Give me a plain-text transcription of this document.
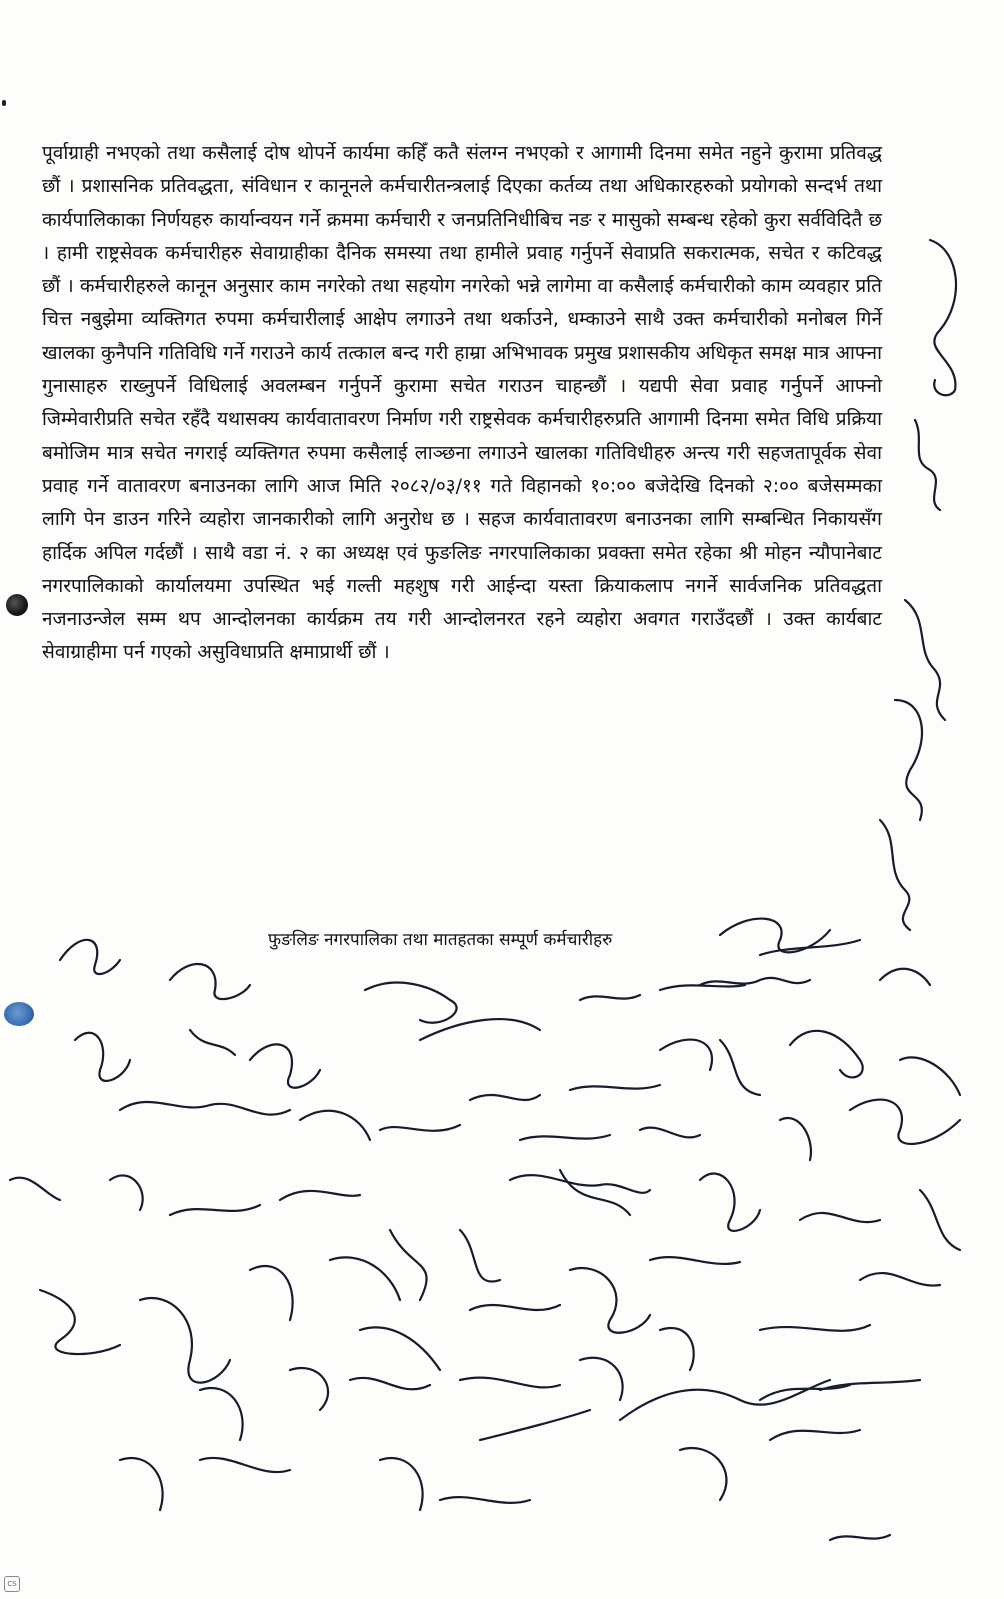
पूर्वाग्राही नभएको तथा कसैलाई दोष थोपर्ने कार्यमा कहिँ कतै संलग्न नभएको र आगामी दिनमा समेत नहुने कुरामा प्रतिवद्ध छौं । प्रशासनिक प्रतिवद्धता, संविधान र कानूनले कर्मचारीतन्त्रलाई दिएका कर्तव्य तथा अधिकारहरुको प्रयोगको सन्दर्भ तथा कार्यपालिकाका निर्णयहरु कार्यान्वयन गर्ने क्रममा कर्मचारी र जनप्रतिनिधीबिच नङ र मासुको सम्बन्ध रहेको कुरा सर्वविदितै छ । हामी राष्ट्रसेवक कर्मचारीहरु सेवाग्राहीका दैनिक समस्या तथा हामीले प्रवाह गर्नुपर्ने सेवाप्रति सकरात्मक, सचेत र कटिवद्ध छौं । कर्मचारीहरुले कानून अनुसार काम नगरेको तथा सहयोग नगरेको भन्ने लागेमा वा कसैलाई कर्मचारीको काम व्यवहार प्रति चित्त नबुझेमा व्यक्तिगत रुपमा कर्मचारीलाई आक्षेप लगाउने तथा थर्काउने, धम्काउने साथै उक्त कर्मचारीको मनोबल गिर्ने खालका कुनैपनि गतिविधि गर्ने गराउने कार्य तत्काल बन्द गरी हाम्रा अभिभावक प्रमुख प्रशासकीय अधिकृत समक्ष मात्र आफ्ना गुनासाहरु राख्नुपर्ने विधिलाई अवलम्बन गर्नुपर्ने कुरामा सचेत गराउन चाहन्छौं । यद्यपी सेवा प्रवाह गर्नुपर्ने आफ्नो जिम्मेवारीप्रति सचेत रहँदै यथासक्य कार्यवातावरण निर्माण गरी राष्ट्रसेवक कर्मचारीहरुप्रति आगामी दिनमा समेत विधि प्रक्रिया बमोजिम मात्र सचेत नगराई व्यक्तिगत रुपमा कसैलाई लाञ्छना लगाउने खालका गतिविधीहरु अन्त्य गरी सहजतापूर्वक सेवा प्रवाह गर्ने वातावरण बनाउनका लागि आज मिति २०८२/०३/११ गते विहानको १०:०० बजेदेखि दिनको २:०० बजेसम्मका लागि पेन डाउन गरिने व्यहोरा जानकारीको लागि अनुरोध छ । सहज कार्यवातावरण बनाउनका लागि सम्बन्धित निकायसँग हार्दिक अपिल गर्दछौं । साथै वडा नं. २ का अध्यक्ष एवं फुङलिङ नगरपालिकाका प्रवक्ता समेत रहेका श्री मोहन न्यौपानेबाट नगरपालिकाको कार्यालयमा उपस्थित भई गल्ती महशुष गरी आईन्दा यस्ता क्रियाकलाप नगर्ने सार्वजनिक प्रतिवद्धता नजनाउन्जेल सम्म थप आन्दोलनका कार्यक्रम तय गरी आन्दोलनरत रहने व्यहोरा अवगत गराउँदछौं । उक्त कार्यबाट सेवाग्राहीमा पर्न गएको असुविधाप्रति क्षमाप्रार्थी छौं ।

फुङलिङ नगरपालिका तथा मातहतका सम्पूर्ण कर्मचारीहरु
CS
